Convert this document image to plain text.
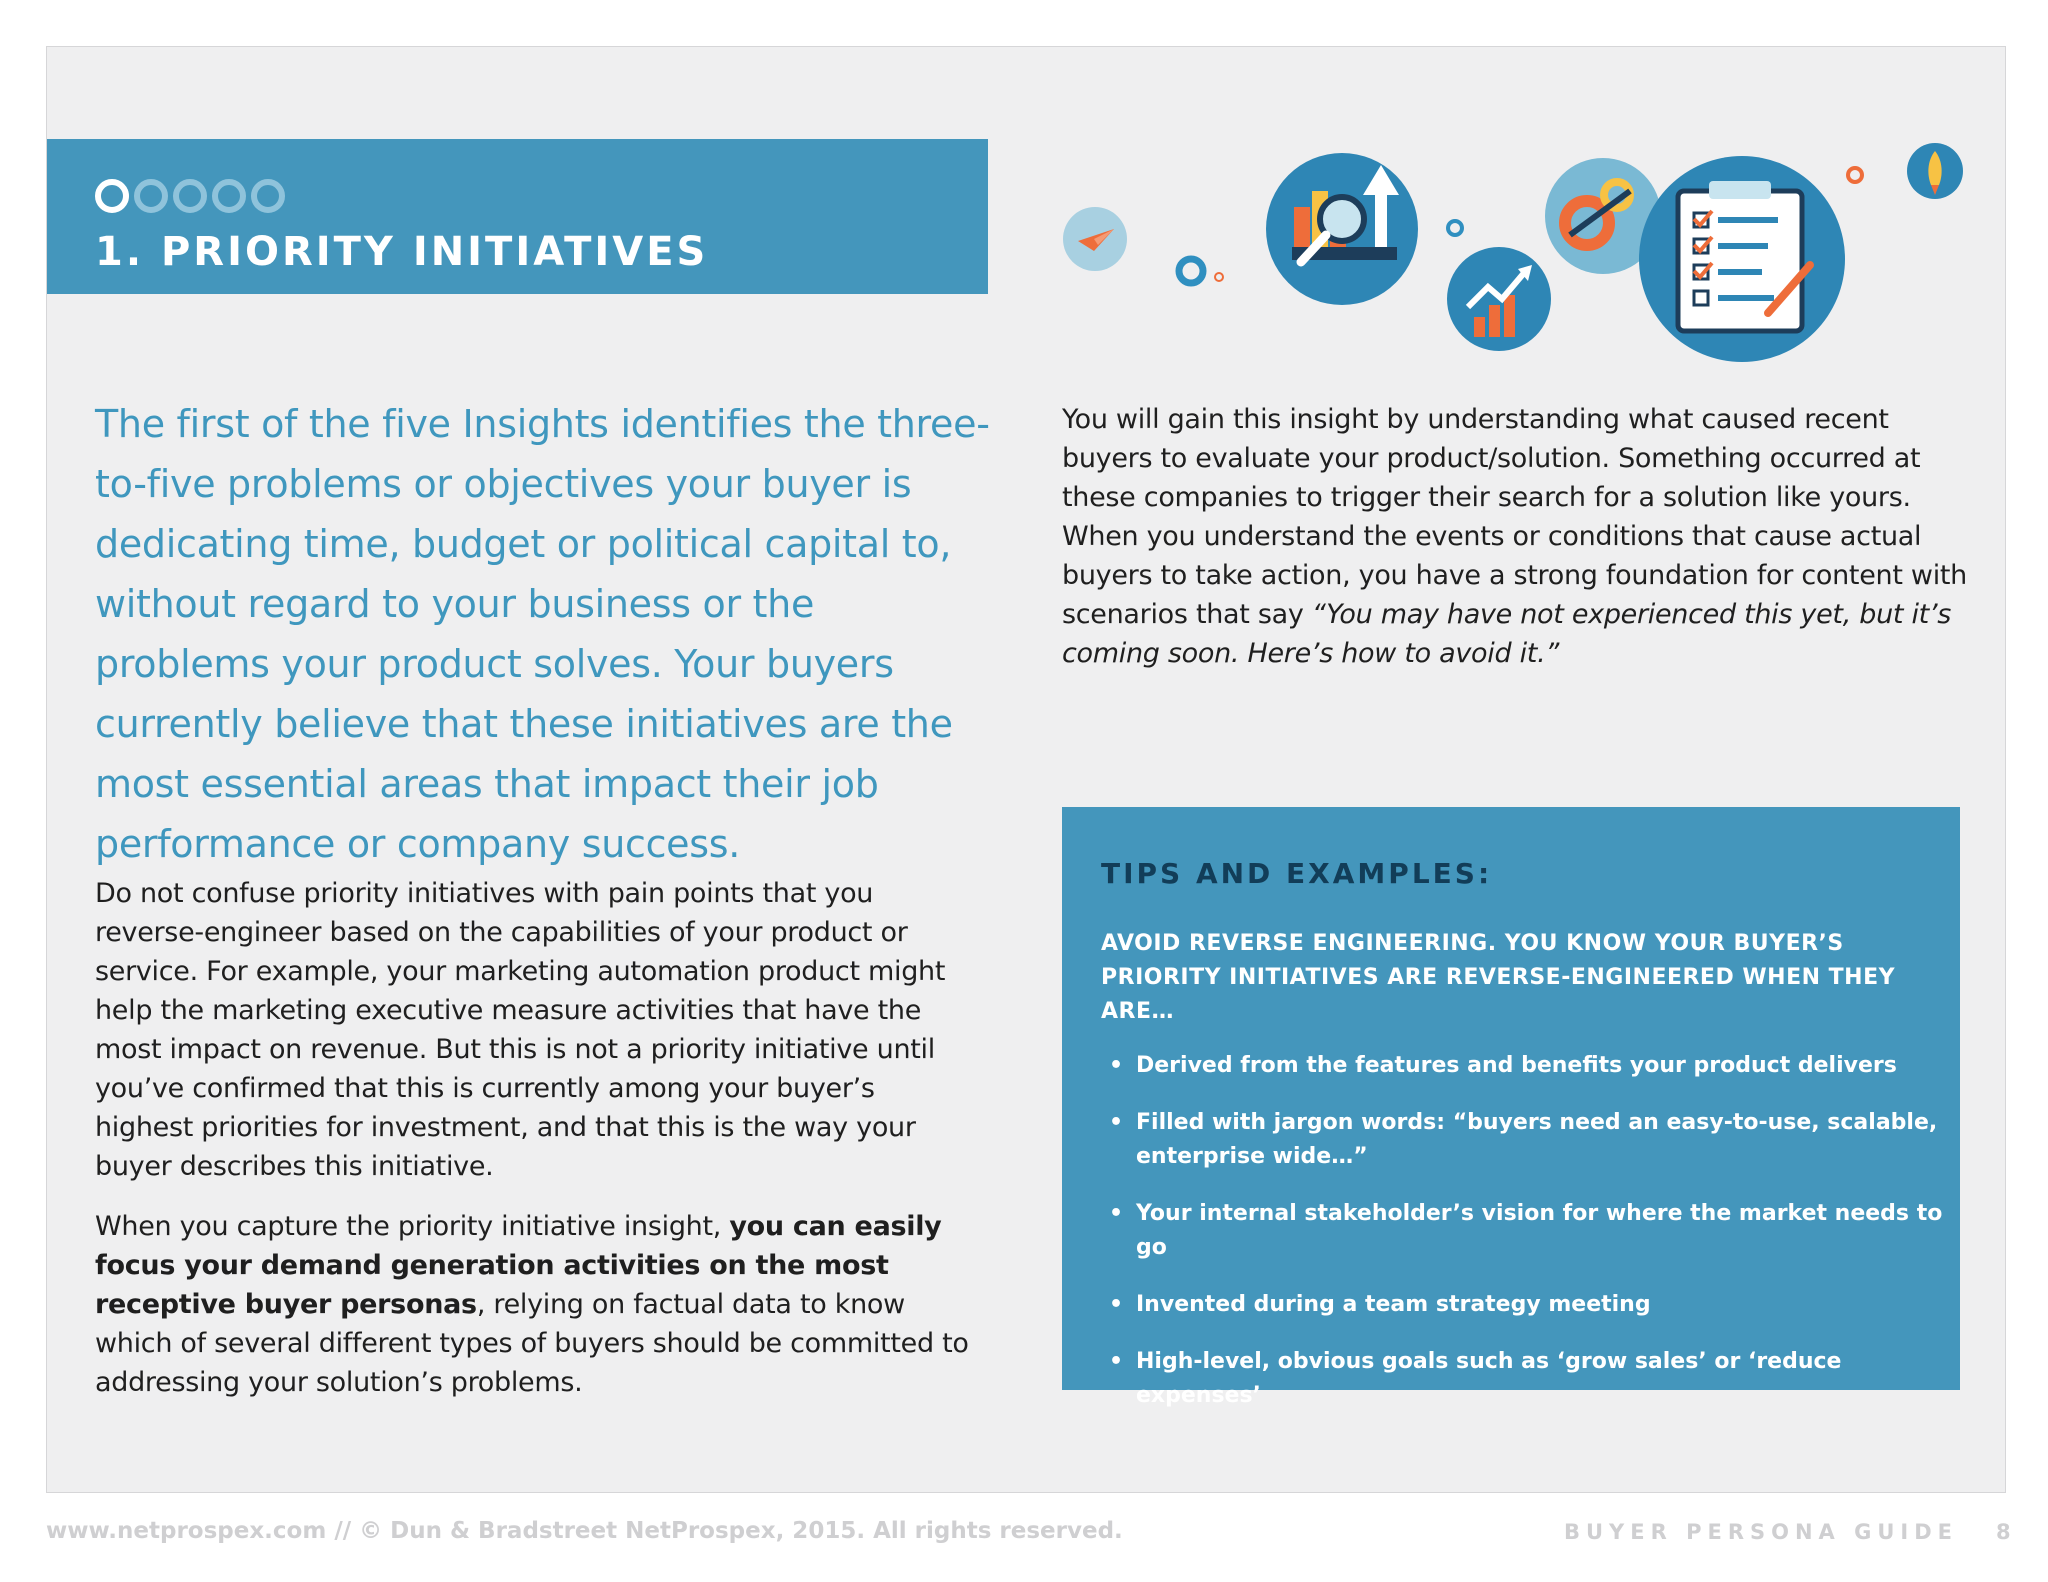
1. PRIORITY INITIATIVES
The first of the five Insights identifies the three-to-five problems or objectives your buyer is dedicating time, budget or political capital to, without regard to your business or the problems your product solves. Your buyers currently believe that these initiatives are the most essential areas that impact their job performance or company success.

Do not confuse priority initiatives with pain points that you reverse-engineer based on the capabilities of your product or service. For example, your marketing automation product might help the marketing executive measure activities that have the most impact on revenue. But this is not a priority initiative until you’ve confirmed that this is currently among your buyer’s highest priorities for investment, and that this is the way your buyer describes this initiative.

When you capture the priority initiative insight, you can easily focus your demand generation activities on the most receptive buyer personas, relying on factual data to know which of several different types of buyers should be committed to addressing your solution’s problems.

You will gain this insight by understanding what caused recent buyers to evaluate your product/solution. Something occurred at these companies to trigger their search for a solution like yours. When you understand the events or conditions that cause actual buyers to take action, you have a strong foundation for content with scenarios that say “You may have not experienced this yet, but it’s coming soon. Here’s how to avoid it.”

TIPS AND EXAMPLES:
AVOID REVERSE ENGINEERING. YOU KNOW YOUR BUYER’S PRIORITY INITIATIVES ARE REVERSE-ENGINEERED WHEN THEY ARE…
• Derived from the features and benefits your product delivers
• Filled with jargon words: “buyers need an easy-to-use, scalable, enterprise wide…”
• Your internal stakeholder’s vision for where the market needs to go
• Invented during a team strategy meeting
• High-level, obvious goals such as ‘grow sales’ or ‘reduce expenses’
www.netprospex.com // © Dun & Bradstreet NetProspex, 2015. All rights reserved.	BUYER PERSONA GUIDE 8
